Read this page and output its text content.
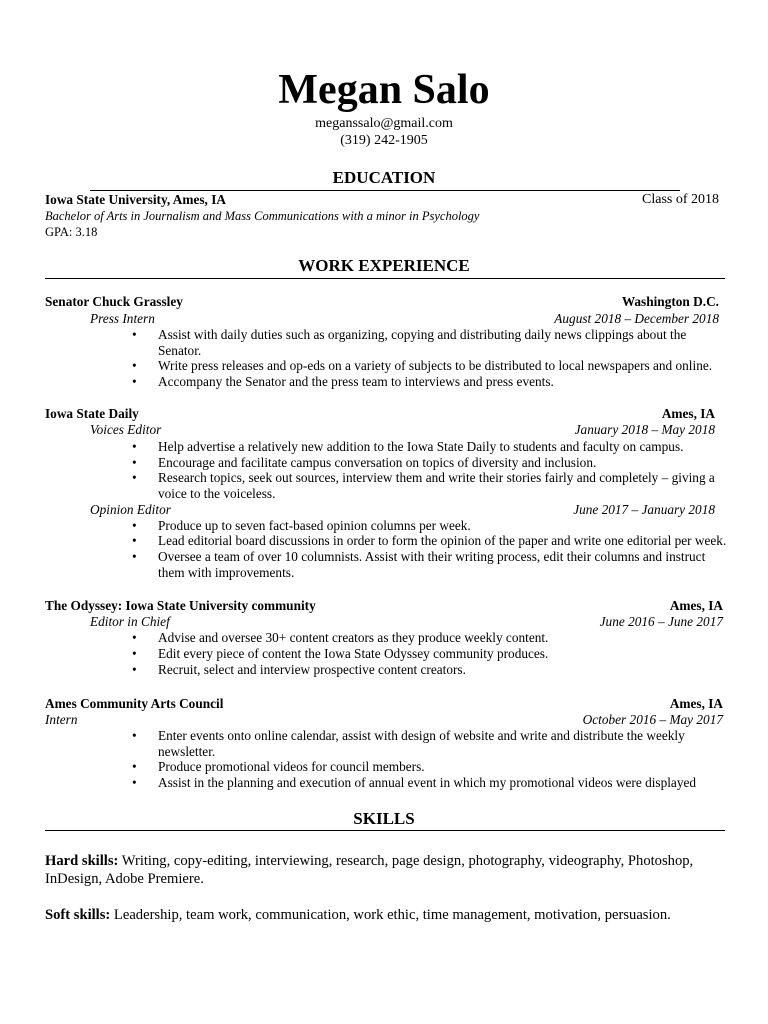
Megan Salo
meganssalo@gmail.com
(319) 242-1905
EDUCATION
Iowa State University, Ames, IA	Class of 2018
Bachelor of Arts in Journalism and Mass Communications with a minor in Psychology
GPA: 3.18
WORK EXPERIENCE
Senator Chuck Grassley	Washington D.C.
Press Intern	August 2018 – December 2018
• Assist with daily duties such as organizing, copying and distributing daily news clippings about the Senator.
• Write press releases and op-eds on a variety of subjects to be distributed to local newspapers and online.
• Accompany the Senator and the press team to interviews and press events.
Iowa State Daily	Ames, IA
Voices Editor	January 2018 – May 2018
• Help advertise a relatively new addition to the Iowa State Daily to students and faculty on campus.
• Encourage and facilitate campus conversation on topics of diversity and inclusion.
• Research topics, seek out sources, interview them and write their stories fairly and completely – giving a voice to the voiceless.
Opinion Editor	June 2017 – January 2018
• Produce up to seven fact-based opinion columns per week.
• Lead editorial board discussions in order to form the opinion of the paper and write one editorial per week.
• Oversee a team of over 10 columnists. Assist with their writing process, edit their columns and instruct them with improvements.
The Odyssey: Iowa State University community	Ames, IA
Editor in Chief	June 2016 – June 2017
• Advise and oversee 30+ content creators as they produce weekly content.
• Edit every piece of content the Iowa State Odyssey community produces.
• Recruit, select and interview prospective content creators.
Ames Community Arts Council	Ames, IA
Intern	October 2016 – May 2017
• Enter events onto online calendar, assist with design of website and write and distribute the weekly newsletter.
• Produce promotional videos for council members.
• Assist in the planning and execution of annual event in which my promotional videos were displayed
SKILLS
Hard skills: Writing, copy-editing, interviewing, research, page design, photography, videography, Photoshop, InDesign, Adobe Premiere.
Soft skills: Leadership, team work, communication, work ethic, time management, motivation, persuasion.
